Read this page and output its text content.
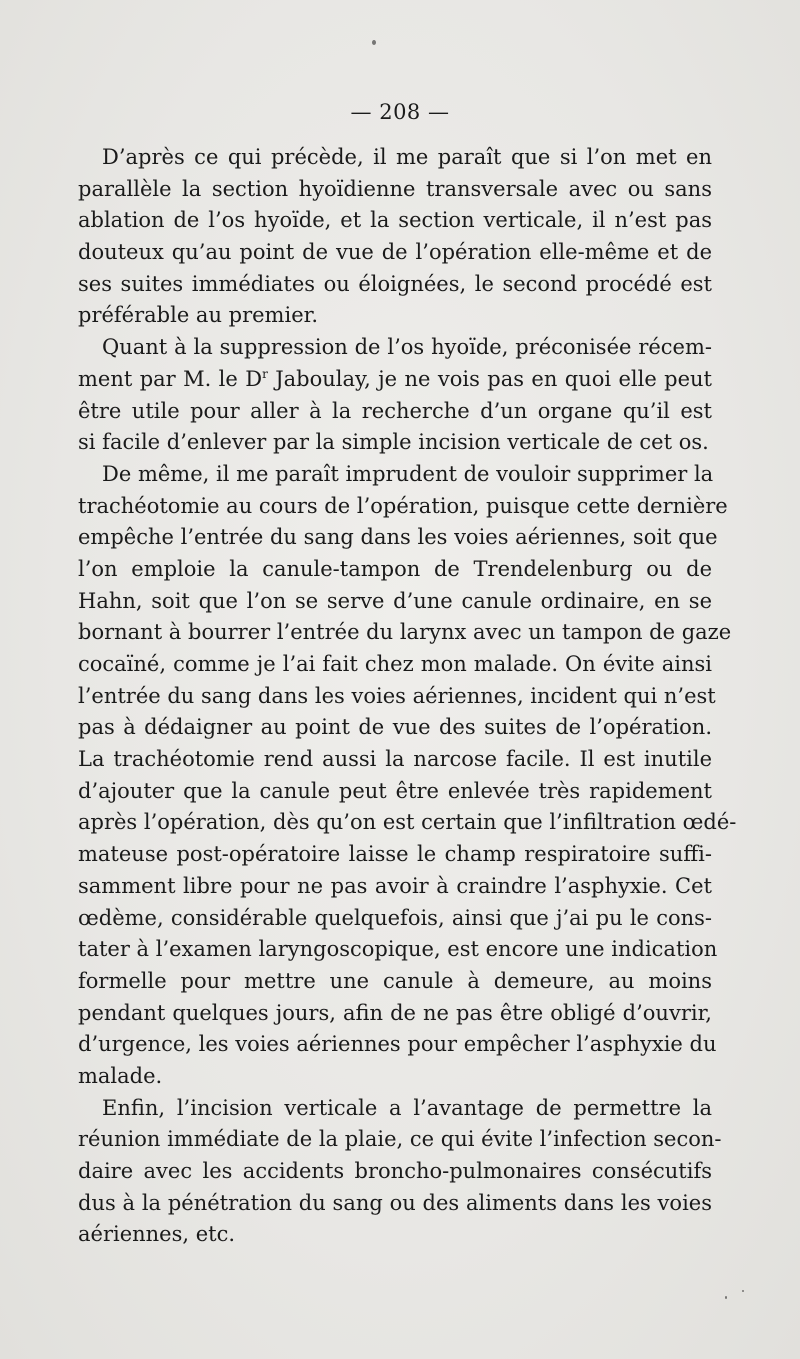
— 208 —
D’après ce qui précède, il me paraît que si l’on met en
parallèle la section hyoïdienne transversale avec ou sans
ablation de l’os hyoïde, et la section verticale, il n’est pas
douteux qu’au point de vue de l’opération elle-même et de
ses suites immédiates ou éloignées, le second procédé est
préférable au premier.
Quant à la suppression de l’os hyoïde, préconisée récem-
ment par M. le $D^r$ Jaboulay, je ne vois pas en quoi elle peut
être utile pour aller à la recherche d’un organe qu’il est
si facile d’enlever par la simple incision verticale de cet os.
De même, il me paraît imprudent de vouloir supprimer la
trachéotomie au cours de l’opération, puisque cette dernière
empêche l’entrée du sang dans les voies aériennes, soit que
l’on emploie la canule-tampon de Trendelenburg ou de
Hahn, soit que l’on se serve d’une canule ordinaire, en se
bornant à bourrer l’entrée du larynx avec un tampon de gaze
cocaïné, comme je l’ai fait chez mon malade. On évite ainsi
l’entrée du sang dans les voies aériennes, incident qui n’est
pas à dédaigner au point de vue des suites de l’opération.
La trachéotomie rend aussi la narcose facile. Il est inutile
d’ajouter que la canule peut être enlevée très rapidement
après l’opération, dès qu’on est certain que l’infiltration œdé-
mateuse post-opératoire laisse le champ respiratoire suffi-
samment libre pour ne pas avoir à craindre l’asphyxie. Cet
œdème, considérable quelquefois, ainsi que j’ai pu le cons-
tater à l’examen laryngoscopique, est encore une indication
formelle pour mettre une canule à demeure, au moins
pendant quelques jours, afin de ne pas être obligé d’ouvrir,
d’urgence, les voies aériennes pour empêcher l’asphyxie du
malade.
Enfin, l’incision verticale a l’avantage de permettre la
réunion immédiate de la plaie, ce qui évite l’infection secon-
daire avec les accidents broncho-pulmonaires consécutifs
dus à la pénétration du sang ou des aliments dans les voies
aériennes, etc.
